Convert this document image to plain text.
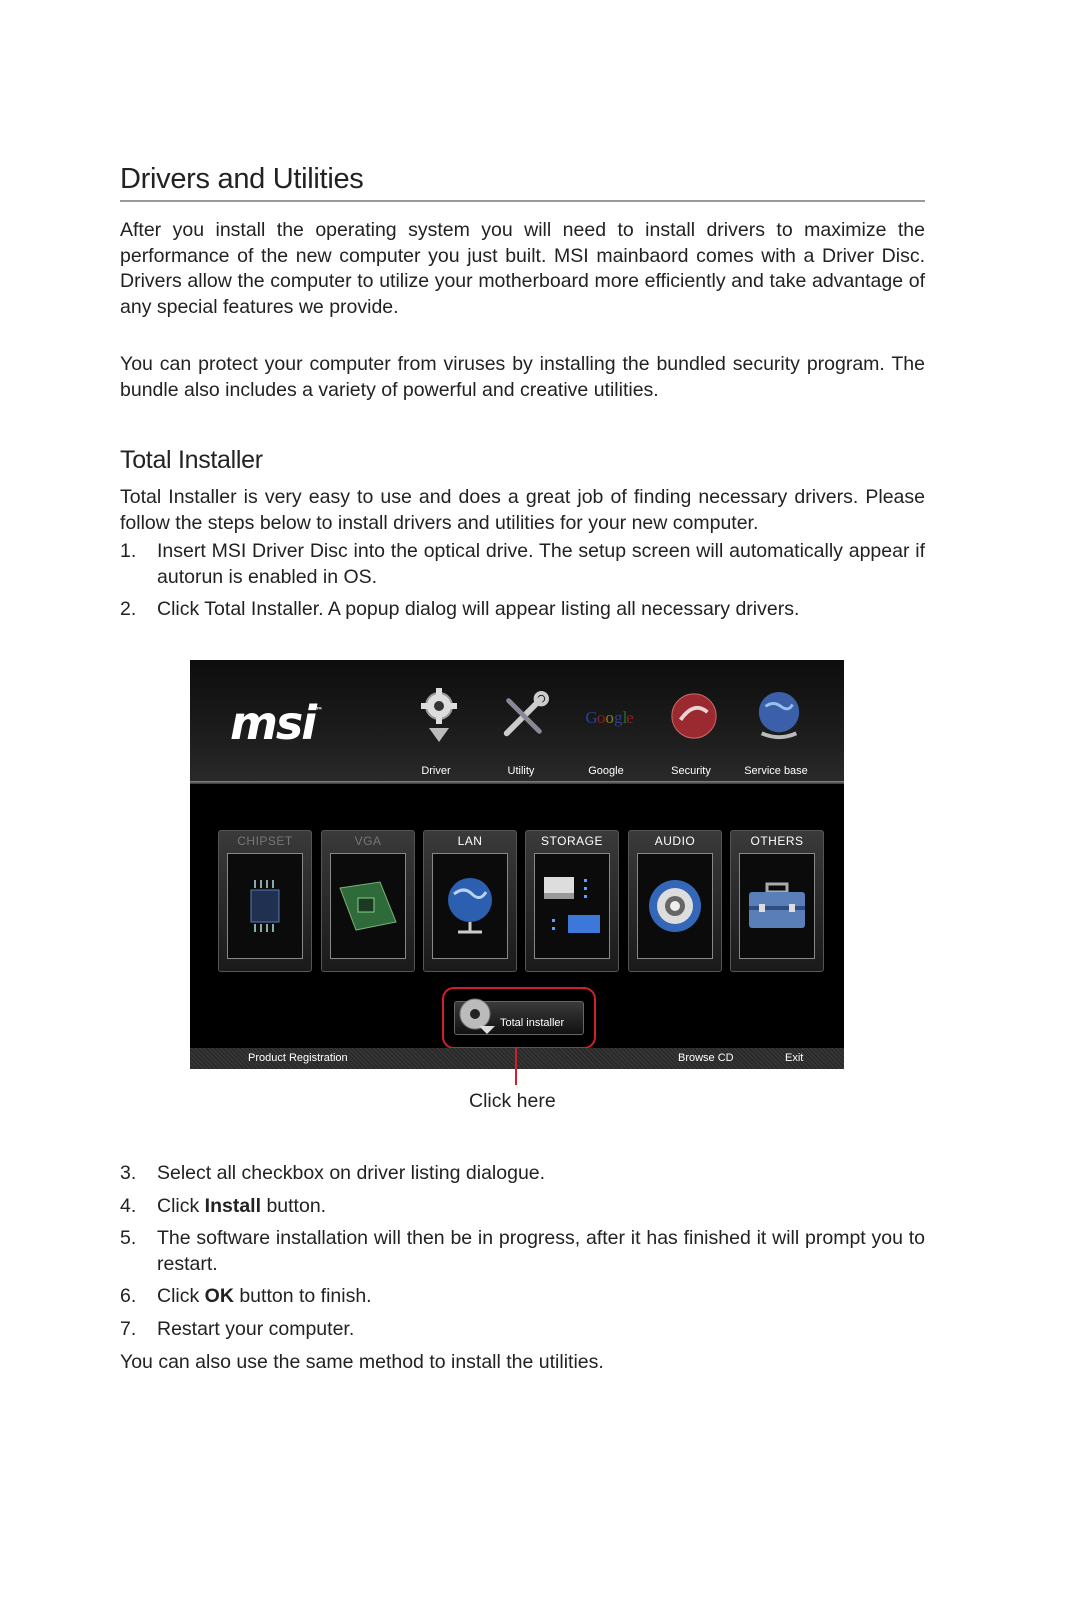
Drivers and Utilities

After you install the operating system you will need to install drivers to maximize the performance of the new computer you just built. MSI mainbaord comes with a Driver Disc. Drivers allow the computer to utilize your motherboard more efficiently and take advantage of any special features we provide.

You can protect your computer from viruses by installing the bundled security program. The bundle also includes a variety of powerful and creative utilities.

Total Installer

Total Installer is very easy to use and does a great job of finding necessary drivers. Please follow the steps below to install drivers and utilities for your new computer.

1. Insert MSI Driver Disc into the optical drive. The setup screen will automatically appear if autorun is enabled in OS.
2. Click Total Installer. A popup dialog will appear listing all necessary drivers.
msi™
Driver	Utility
G o o g l
e
Google	Security	Service base
CHIPSET	VGA	LAN	STORAGE	AUDIO	OTHERS
Total installer
Product Registration	Browse CD	Exit
Click here
3. Select all checkbox on driver listing dialogue.
4. Click Install button.
5. The software installation will then be in progress, after it has finished it will prompt you to restart.
6. Click OK button to finish.
7. Restart your computer.

You can also use the same method to install the utilities.
